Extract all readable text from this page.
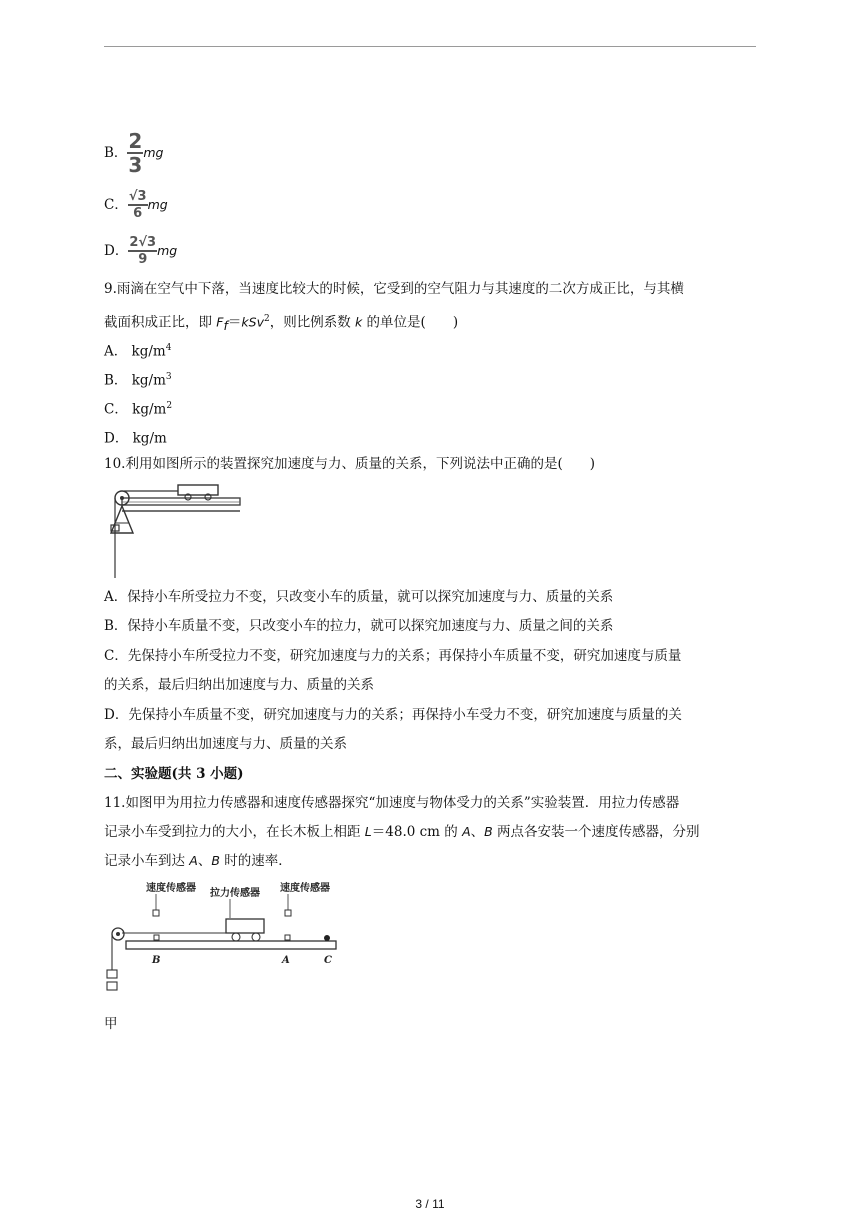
B． $\frac{2}{3}$ mg
C． $\frac{√3}{6}$ mg
D． $\frac{2√3}{9}$ mg
9.雨滴在空气中下落，当速度比较大的时候，它受到的空气阻力与其速度的二次方成正比，与其横
截面积成正比，即 $F_f=kSv^2$，则比例系数 k 的单位是(　　)
A． $kg/m^4$
B． $kg/m^3$
C． $kg/m^2$
D． kg/m
10.利用如图所示的装置探究加速度与力、质量的关系，下列说法中正确的是(　　)
A．保持小车所受拉力不变，只改变小车的质量，就可以探究加速度与力、质量的关系
B．保持小车质量不变，只改变小车的拉力，就可以探究加速度与力、质量之间的关系
C．先保持小车所受拉力不变，研究加速度与力的关系；再保持小车质量不变，研究加速度与质量
的关系，最后归纳出加速度与力、质量的关系
D．先保持小车质量不变，研究加速度与力的关系；再保持小车受力不变，研究加速度与质量的关
系，最后归纳出加速度与力、质量的关系
二、实验题(共 3 小题)
11.如图甲为用拉力传感器和速度传感器探究“加速度与物体受力的关系”实验装置．用拉力传感器
记录小车受到拉力的大小，在长木板上相距 L＝48.0 cm 的 A、B 两点各安装一个速度传感器，分别
记录小车到达 A、B 时的速率．
速度传感器 拉力传感器 速度传感器
B	A	C
甲
3 / 11
